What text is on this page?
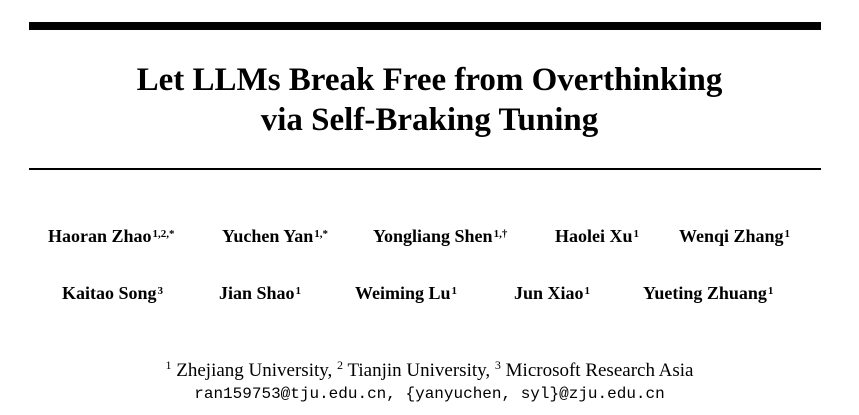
Let LLMs Break Free from Overthinking
via Self-Braking Tuning
Haoran Zhao$^{1,2,*}$	Yuchen Yan$^{1,*}$	Yongliang Shen$^{1,\dagger}$	Haolei Xu$^1$ Wenqi Zhang$^1$
Kaitao Song$^3$	Jian Shao$^1$	Weiming Lu$^1$	Jun Xiao$^1$	Yueting Zhuang$^1$
$^1$ Zhejiang University, $^2$ Tianjin University, $^3$ Microsoft Research Asia
ran159753@tju.edu.cn, {yanyuchen, syl}@zju.edu.cn
